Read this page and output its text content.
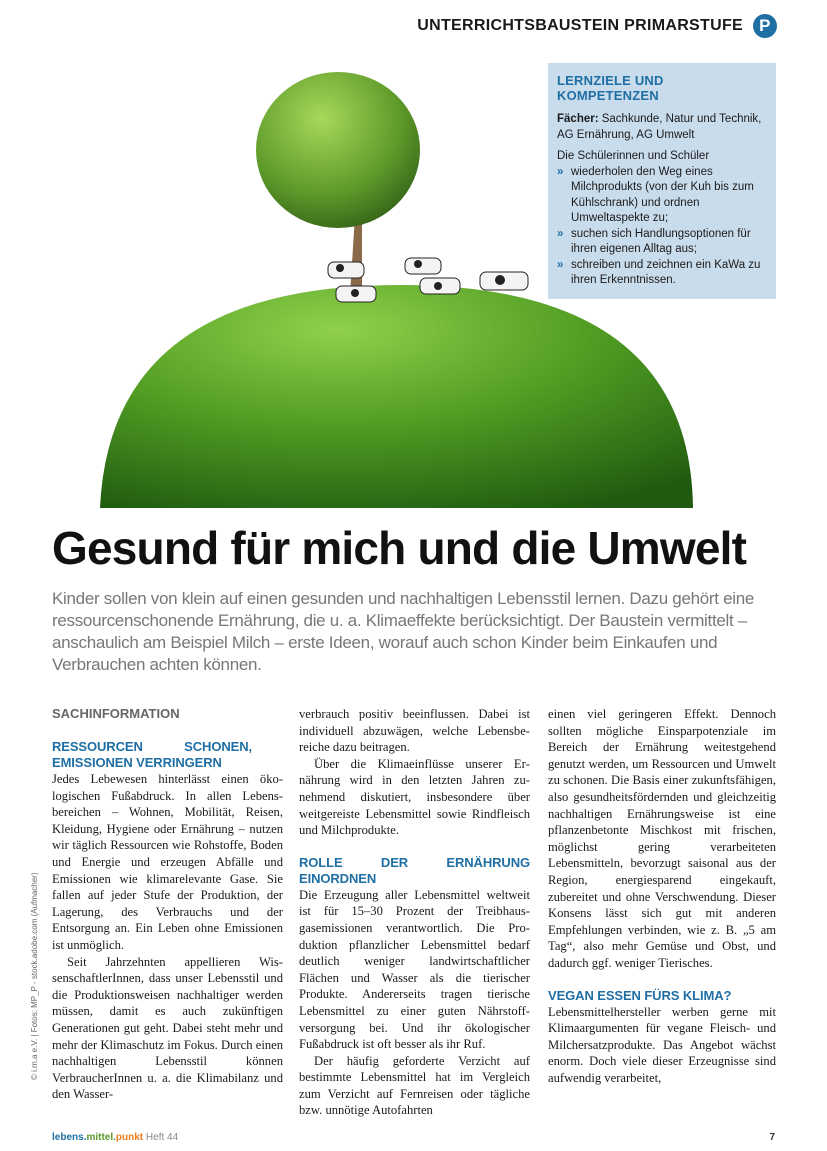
UNTERRICHTSBAUSTEIN PRIMARSTUFE P
LERNZIELE UND KOMPETENZEN

Fächer: Sachkunde, Natur und Technik, AG Ernährung, AG Umwelt

Die Schülerinnen und Schüler
» wiederholen den Weg eines Milchprodukts (von der Kuh bis zum Kühlschrank) und ordnen Umweltaspekte zu;
» suchen sich Handlungsoptionen für ihren eigenen Alltag aus;
» schreiben und zeichnen ein KaWa zu ihren Erkenntnissen.
Gesund für mich und die Umwelt

Kinder sollen von klein auf einen gesunden und nachhaltigen Lebensstil lernen. Dazu gehört eine ressourcenschonende Ernährung, die u. a. Klimaeffekte berücksichtigt. Der Baustein vermittelt – anschaulich am Beispiel Milch – erste Ideen, worauf auch schon Kinder beim Einkaufen und Verbrauchen achten können.

SACHINFORMATION
RESSOURCEN SCHONEN, EMISSIONEN VERRINGERN

Jedes Lebewesen hinterlässt einen ökologischen Fußabdruck. In allen Lebensbereichen – Wohnen, Mobilität, Reisen, Kleidung, Hygiene oder Ernährung – nutzen wir täglich Ressourcen wie Rohstoffe, Boden und Energie und erzeugen Abfälle und Emissionen wie klimarelevante Gase. Sie fallen auf jeder Stufe der Produktion, der Lagerung, des Verbrauchs und der Entsorgung an. Ein Leben ohne Emissionen ist unmöglich.

Seit Jahrzehnten appellieren WissenschaftlerInnen, dass unser Lebensstil und die Produktionsweisen nachhaltiger werden müssen, damit es auch zukünftigen Generationen gut geht. Dabei steht mehr und mehr der Klimaschutz im Fokus. Durch einen nachhaltigen Lebensstil können VerbraucherInnen u. a. die Klimabilanz und den Wasser-

verbrauch positiv beeinflussen. Dabei ist individuell abzuwägen, welche Lebensbereiche dazu beitragen.

Über die Klimaeinflüsse unserer Ernährung wird in den letzten Jahren zunehmend diskutiert, insbesondere über weitgereiste Lebensmittel sowie Rindfleisch und Milchprodukte.

ROLLE DER ERNÄHRUNG EINORDNEN

Die Erzeugung aller Lebensmittel weltweit ist für 15–30 Prozent der Treibhausgasemissionen verantwortlich. Die Produktion pflanzlicher Lebensmittel bedarf deutlich weniger landwirtschaftlicher Flächen und Wasser als die tierischer Produkte. Andererseits tragen tierische Lebensmittel zu einer guten Nährstoffversorgung bei. Und ihr ökologischer Fußabdruck ist oft besser als ihr Ruf.

Der häufig geforderte Verzicht auf bestimmte Lebensmittel hat im Vergleich zum Verzicht auf Fernreisen oder tägliche bzw. unnötige Autofahrten

einen viel geringeren Effekt. Dennoch sollten mögliche Einsparpotenziale im Bereich der Ernährung weitestgehend genutzt werden, um Ressourcen und Umwelt zu schonen. Die Basis einer zukunftsfähigen, also gesundheitsfördernden und gleichzeitig nachhaltigen Ernährungsweise ist eine pflanzenbetonte Mischkost mit frischen, möglichst gering verarbeiteten Lebensmitteln, bevorzugt saisonal aus der Region, energiesparend eingekauft, zubereitet und ohne Verschwendung. Dieser Konsens lässt sich gut mit anderen Empfehlungen verbinden, wie z. B. „5 am Tag“, also mehr Gemüse und Obst, und dadurch ggf. weniger Tierisches.

VEGAN ESSEN FÜRS KLIMA?

Lebensmittelhersteller werben gerne mit Klimaargumenten für vegane Fleisch- und Milchersatzprodukte. Das Angebot wächst enorm. Doch viele dieser Erzeugnisse sind aufwendig verarbeitet,

© i.m.a e.V. | Fotos: MP_P - stock.adobe.com (Aufmacher)
lebens.mittel.punkt Heft 44	7
